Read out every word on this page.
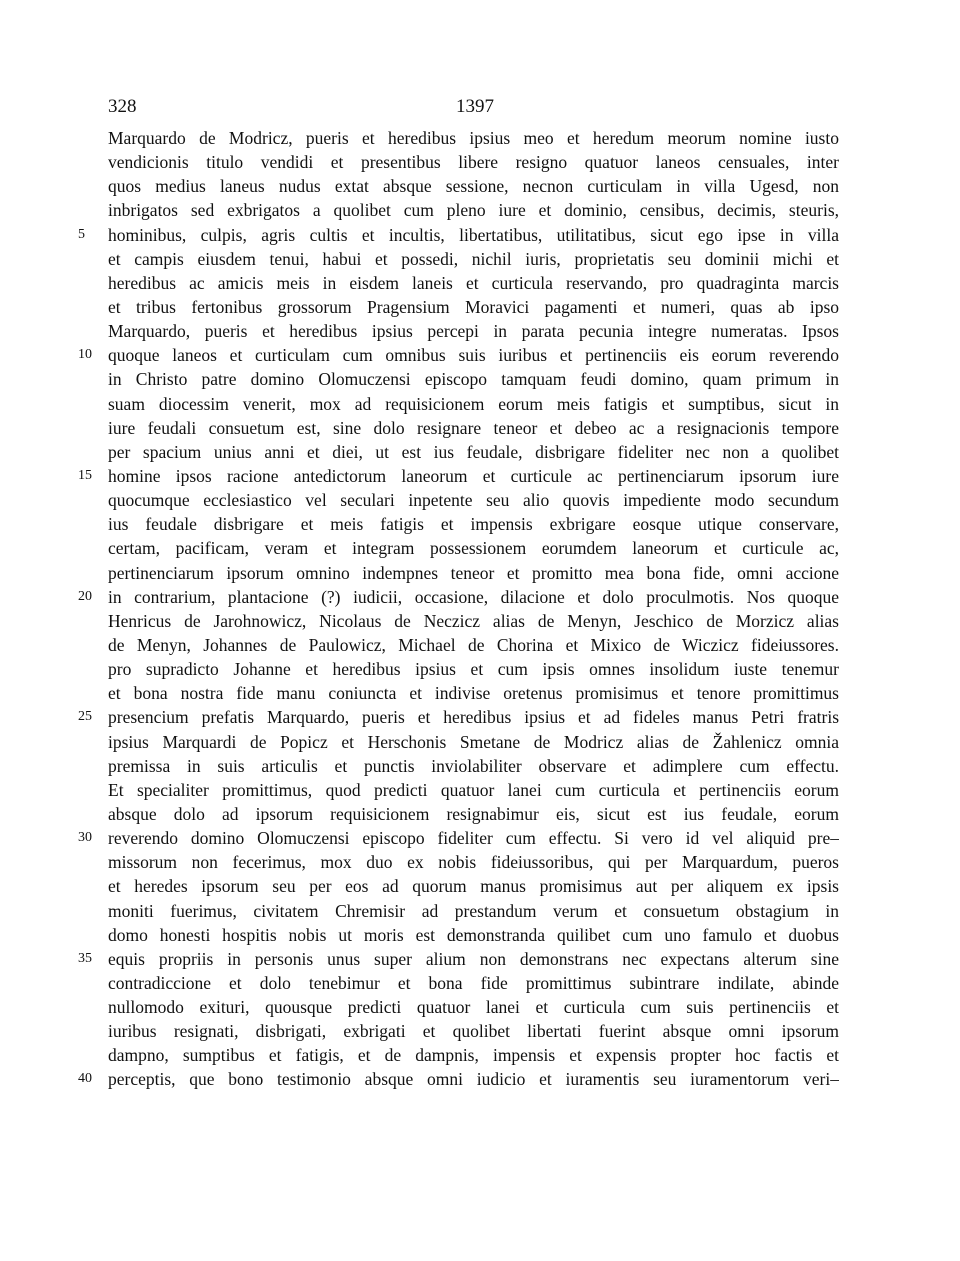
328	1397
Marquardo de Modricz, pueris et heredibus ipsius meo et heredum meorum nomine iusto
vendicionis titulo vendidi et presentibus libere resigno quatuor laneos censuales, inter
quos medius laneus nudus extat absque sessione, necnon curticulam in villa Ugesd, non
inbrigatos sed exbrigatos a quolibet cum pleno iure et dominio, censibus, decimis, steuris,
5	hominibus, culpis, agris cultis et incultis, libertatibus, utilitatibus, sicut ego ipse in villa
et campis eiusdem tenui, habui et possedi, nichil iuris, proprietatis seu dominii michi et
heredibus ac amicis meis in eisdem laneis et curticula reservando, pro quadraginta marcis
et tribus fertonibus grossorum Pragensium Moravici pagamenti et numeri, quas ab ipso
Marquardo, pueris et heredibus ipsius percepi in parata pecunia integre numeratas. Ipsos
10 quoque laneos et curticulam cum omnibus suis iuribus et pertinenciis eis eorum reverendo
in Christo patre domino Olomuczensi episcopo tamquam feudi domino, quam primum in
suam diocessim venerit, mox ad requisicionem eorum meis fatigis et sumptibus, sicut in
iure feudali consuetum est, sine dolo resignare teneor et debeo ac a resignacionis tempore
per spacium unius anni et diei, ut est ius feudale, disbrigare fideliter nec non a quolibet
15 homine ipsos racione antedictorum laneorum et curticule ac pertinenciarum ipsorum iure
quocumque ecclesiastico vel seculari inpetente seu alio quovis impediente modo secundum
ius feudale disbrigare et meis fatigis et impensis exbrigare eosque utique conservare,
certam, pacificam, veram et integram possessionem eorumdem laneorum et curticule ac,
pertinenciarum ipsorum omnino indempnes teneor et promitto mea bona fide, omni accione
20 in contrarium, plantacione (?) iudicii, occasione, dilacione et dolo proculmotis. Nos quoque
Henricus de Jarohnowicz, Nicolaus de Neczicz alias de Menyn, Jeschico de Morzicz alias
de Menyn, Johannes de Paulowicz, Michael de Chorina et Mixico de Wiczicz fideiussores.
pro supradicto Johanne et heredibus ipsius et cum ipsis omnes insolidum iuste tenemur
et bona nostra fide manu coniuncta et indivise oretenus promisimus et tenore promittimus
25 presencium prefatis Marquardo, pueris et heredibus ipsius et ad fideles manus Petri fratris
ipsius Marquardi de Popicz et Herschonis Smetane de Modricz alias de Žahlenicz omnia
premissa in suis articulis et punctis inviolabiliter observare et adimplere cum effectu.
Et specialiter promittimus, quod predicti quatuor lanei cum curticula et pertinenciis eorum
absque dolo ad ipsorum requisicionem resignabimur eis, sicut est ius feudale, eorum
30 reverendo domino Olomuczensi episcopo fideliter cum effectu. Si vero id vel aliquid pre–
missorum non fecerimus, mox duo ex nobis fideiussoribus, qui per Marquardum, pueros
et heredes ipsorum seu per eos ad quorum manus promisimus aut per aliquem ex ipsis
moniti fuerimus, civitatem Chremisir ad prestandum verum et consuetum obstagium in
domo honesti hospitis nobis ut moris est demonstranda quilibet cum uno famulo et duobus
35 equis propriis in personis unus super alium non demonstrans nec expectans alterum sine
contradiccione et dolo tenebimur et bona fide promittimus subintrare indilate, abinde
nullomodo exituri, quousque predicti quatuor lanei et curticula cum suis pertinenciis et
iuribus resignati, disbrigati, exbrigati et quolibet libertati fuerint absque omni ipsorum
dampno, sumptibus et fatigis, et de dampnis, impensis et expensis propter hoc factis et
40 perceptis, que bono testimonio absque omni iudicio et iuramentis seu iuramentorum veri–
